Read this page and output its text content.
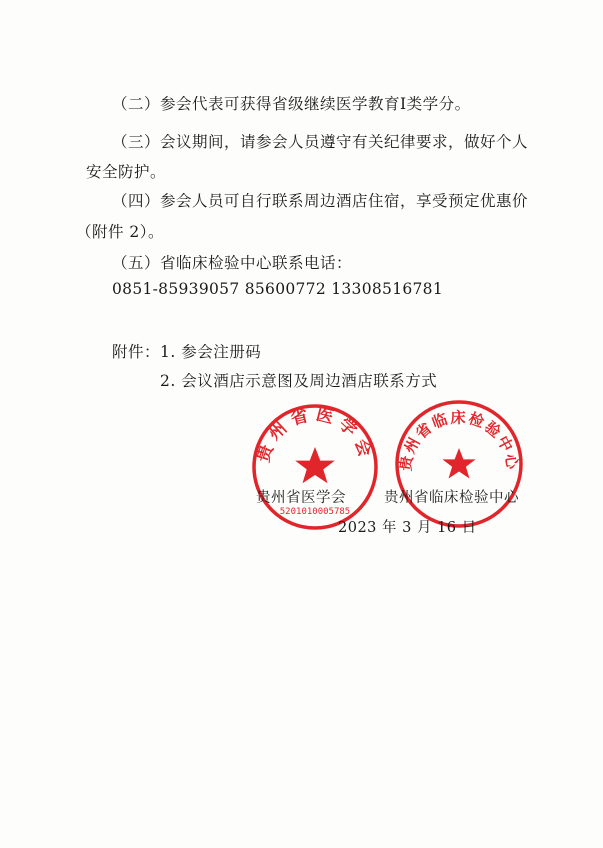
（二）参会代表可获得省级继续医学教育Ⅰ类学分。
（三）会议期间，请参会人员遵守有关纪律要求，做好个人
安全防护。
（四）参会人员可自行联系周边酒店住宿，享受预定优惠价
（附件 2）。
（五）省临床检验中心联系电话：
0851-85939057 85600772 13308516781
附件： 1. 参会注册码
2. 会议酒店示意图及周边酒店联系方式
贵州省医学会
5201010005785
贵州省临床检验中心
贵州省医学会	贵州省临床检验中心
2023 年 3 月 16 日
